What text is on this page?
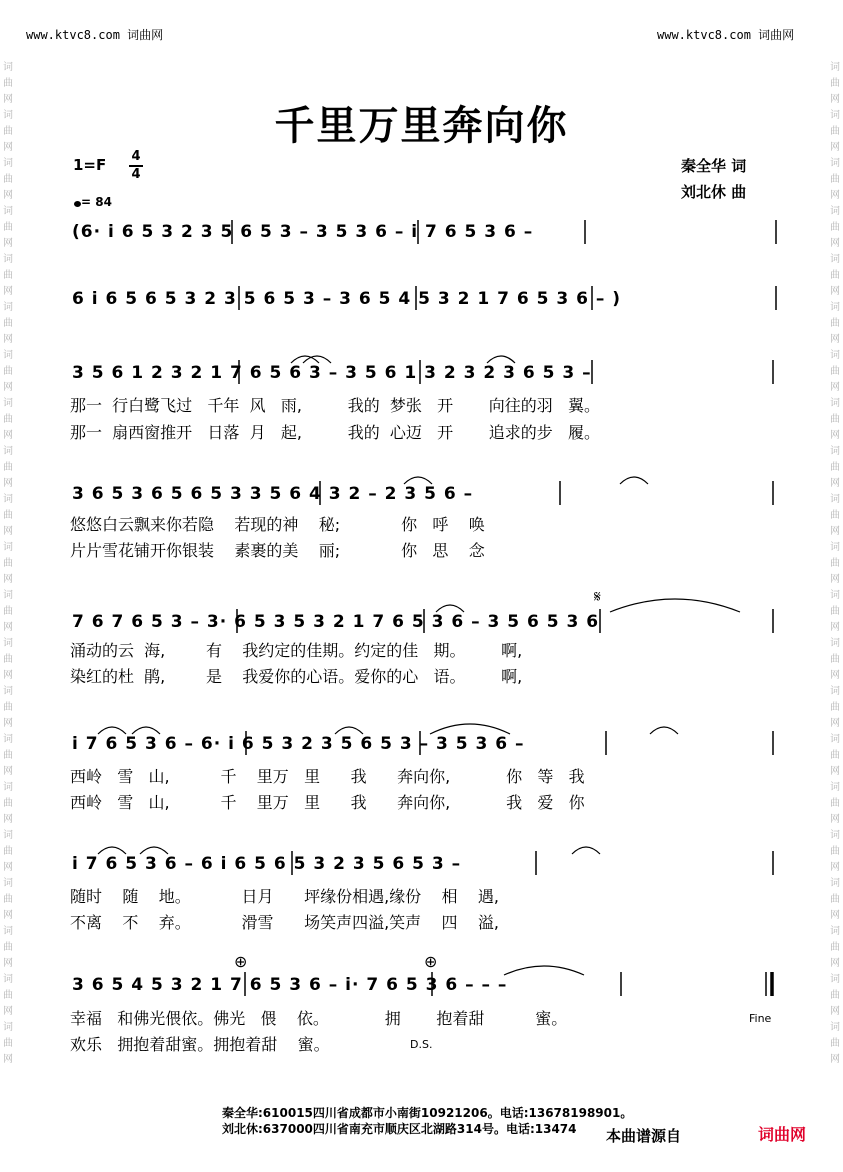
www.ktvc8.com 词曲网	www.ktvc8.com 词曲网
词
曲
网
词
曲
网
词
曲
网
词
曲
网
词
曲
网
词
曲
网
词
曲
网
词
曲
网
词
曲
网
词
曲
网
词
曲
网
词
曲
网
词
曲
网
词
曲
网
词
曲
网
词
曲
网
词
曲
网
词
曲
网
词
曲
网
词
曲
网
词
曲
网
词
曲
网
词
曲
网
词
曲
网
词
曲
网
词
曲
网
词
曲
网
词
曲
网
词
曲
网
词
曲
网
词
曲
网
词
曲
网
词
曲
网
词
曲
网
词
曲
网
词
曲
网
词
曲
网
词
曲
网
词
曲
网
词
曲
网
词
曲
网
词
曲
网
千里万里奔向你
1=F 4
4
= 84
秦全华 词
刘北休 曲
(6· i 6 5 3 2 3 5 6 5 3 – 3 5 3 6 – i 7 6 5 3 6 –
6 i 6 5 6 5 3 2 3 5 6 5 3 – 3 6 5 4 5 3 2 1 7 6 5 3 6 – )
3 5 6 1 2 3 2 1 7 6 5 6 3 – 3 5 6 1 3 2 3 2 3 6 5 3 –
3 6 5 3 6 5 6 5 3 3 5 6 4 3 2 – 2 3 5 6 –
7 6 7 6 5 3 – 3· 6 5 3 5 3 2 1 7 6 5 3 6 – 3 5 6 5 3 6
i 7 6 5 3 6 – 6· i 6 5 3 2 3 5 6 5 3 – 3 5 3 6 –
i 7 6 5 3 6 – 6 i 6 5 6 5 3 2 3 5 6 5 3 –
3 6 5 4 5 3 2 1 7 6 5 3 6 – i· 7 6 5 3 6 – – –
那一  行白鹭飞过   千年  风   雨,         我的  梦张   开       向往的羽   翼。
那一  扇西窗推开   日落  月   起,         我的  心迈   开       追求的步   履。
悠悠白云飘来你若隐    若现的神    秘;            你   呼    唤
片片雪花铺开你银装    素裹的美    丽;            你   思    念
涌动的云  海,        有    我约定的佳期。约定的佳   期。       啊,
染红的杜  鹃,        是    我爱你的心语。爱你的心   语。       啊,
西岭   雪   山,          千    里万   里      我      奔向你,           你   等   我
西岭   雪   山,          千    里万   里      我      奔向你,           我   爱   你
随时    随    地。          日月      坪缘份相遇,缘份    相    遇,
不离    不    弃。          滑雪      场笑声四溢,笑声    四    溢,
幸福   和佛光偎依。佛光   偎    依。           拥       抱着甜          蜜。
欢乐   拥抱着甜蜜。拥抱着甜    蜜。
𝄋
⊕	⊕
Fine
D.S.
秦全华:610015四川省成都市小南街10921206。电话:13678198901。
刘北休:637000四川省南充市顺庆区北湖路314号。电话:13474 本曲谱源自	词曲网
